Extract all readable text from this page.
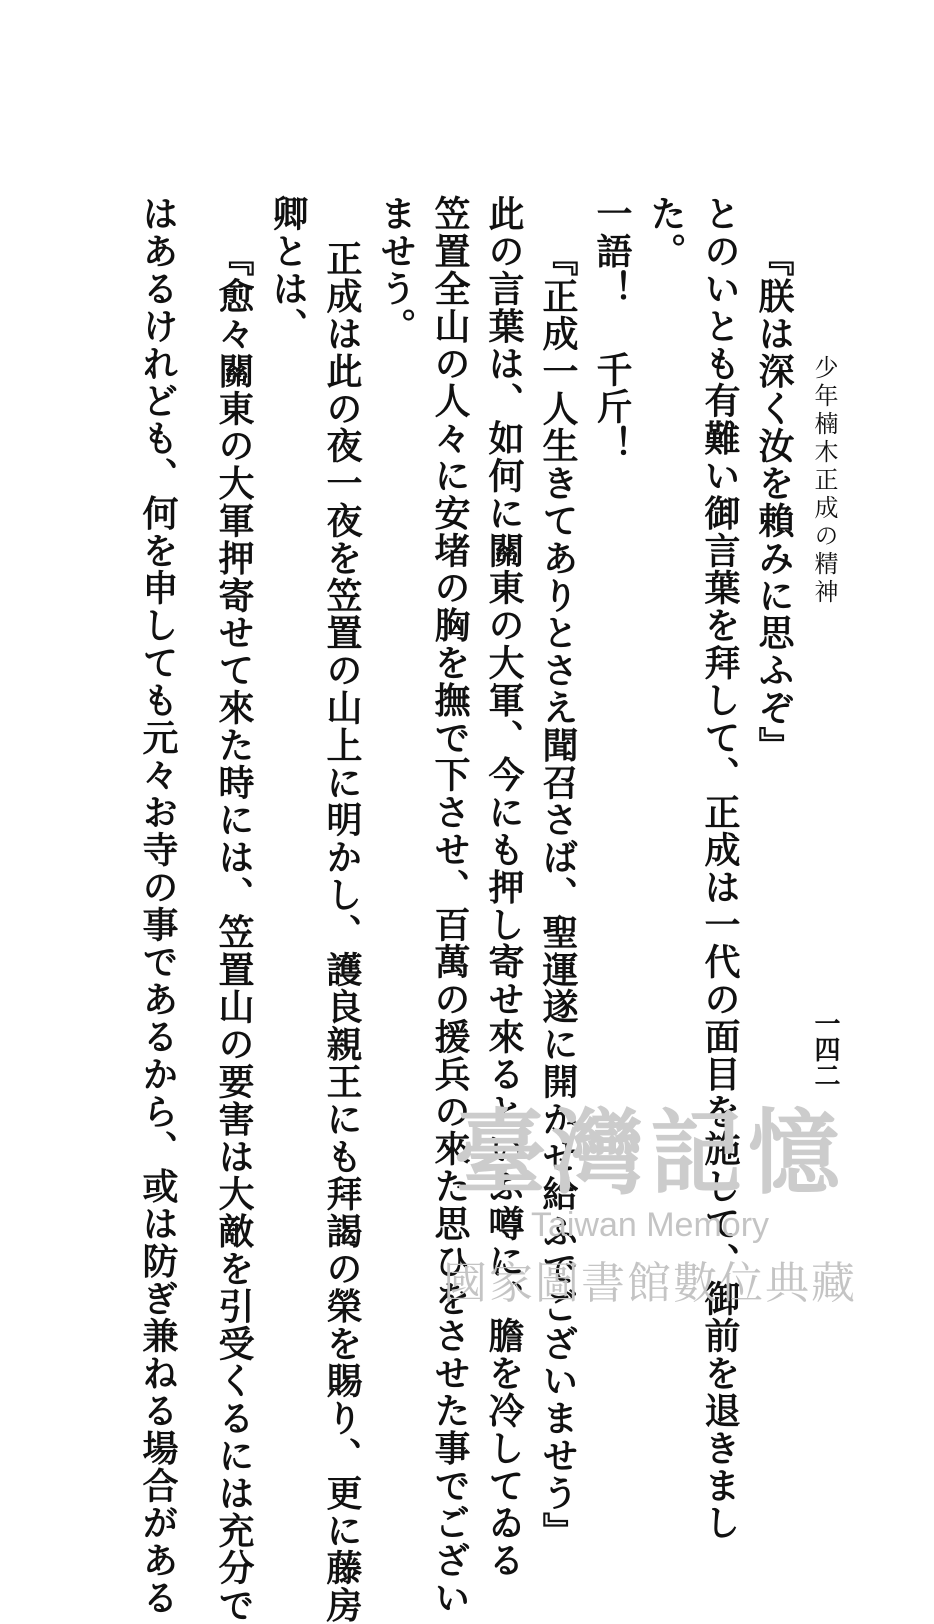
少年楠木正成の精神
一四二
『朕は深く汝を賴みに思ふぞ』
とのいとも有難い御言葉を拜して、正成は一代の面目を施して、御前を退きまし
た。
一語！ 千斤！
『正成一人生きてありとさえ聞召さば、聖運遂に開かせ給ふでございませう』
此の言葉は、如何に關東の大軍、今にも押し寄せ來るといふ噂に、膽を冷してゐる
笠置全山の人々に安堵の胸を撫で下させ、百萬の援兵の來た思ひをさせた事でござい
ませう。
正成は此の夜一夜を笠置の山上に明かし、護良親王にも拜謁の榮を賜り、更に藤房
卿とは、
『愈々關東の大軍押寄せて來た時には、笠置山の要害は大敵を引受くるには充分で
はあるけれども、何を申しても元々お寺の事であるから、或は防ぎ兼ねる場合がある	臺灣記憶
Taiwan Memory
國家圖書館數位典藏
